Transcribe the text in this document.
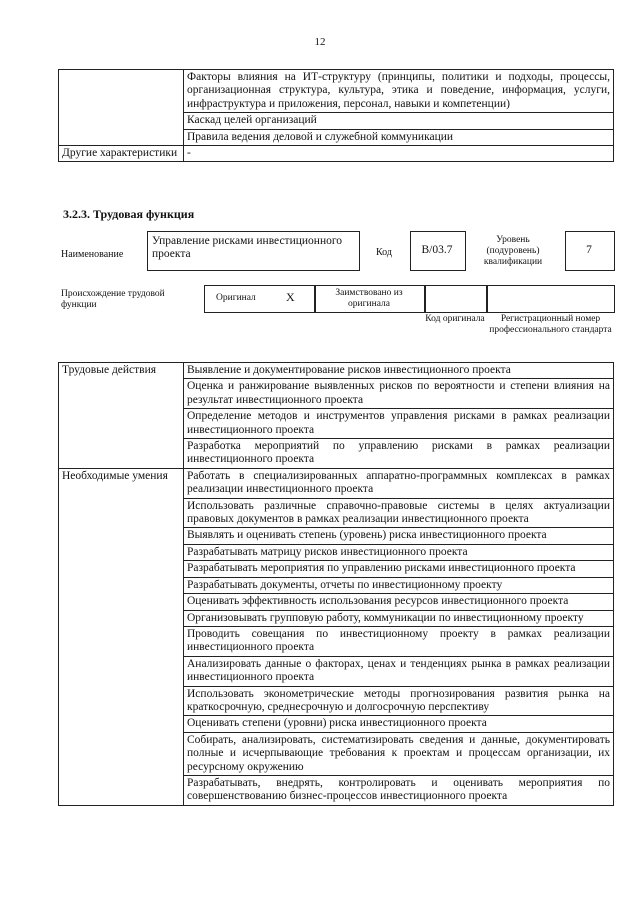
12
	Факторы влияния на ИТ-структуру (принципы, политики и подходы, процессы, организационная структура, культура, этика и поведение, информация, услуги, инфраструктура и приложения, персонал, навыки и компетенции)
	Каскад целей организаций
	Правила ведения деловой и служебной коммуникации
Другие характеристики	-
3.2.3. Трудовая функция
Наименование
Управление рисками инвестиционного проекта	Код	B/03.7
Уровень (подуровень) квалификации
7
Происхождение трудовой функции
Оригинал	X	Заимствовано из оригинала
Код оригинала	Регистрационный номер профессионального стандарта
Трудовые действия	Выявление и документирование рисков инвестиционного проекта
	Оценка и ранжирование выявленных рисков по вероятности и степени влияния на результат инвестиционного проекта
	Определение методов и инструментов управления рисками в рамках реализации инвестиционного проекта
	Разработка мероприятий по управлению рисками в рамках реализации инвестиционного проекта
Необходимые умения	Работать в специализированных аппаратно-программных комплексах в рамках реализации инвестиционного проекта
	Использовать различные справочно-правовые системы в целях актуализации правовых документов в рамках реализации инвестиционного проекта
	Выявлять и оценивать степень (уровень) риска инвестиционного проекта
	Разрабатывать матрицу рисков инвестиционного проекта
	Разрабатывать мероприятия по управлению рисками инвестиционного проекта
	Разрабатывать документы, отчеты по инвестиционному проекту
	Оценивать эффективность использования ресурсов инвестиционного проекта
	Организовывать групповую работу, коммуникации по инвестиционному проекту
	Проводить совещания по инвестиционному проекту в рамках реализации инвестиционного проекта
	Анализировать данные о факторах, ценах и тенденциях рынка в рамках реализации инвестиционного проекта
	Использовать эконометрические методы прогнозирования развития рынка на краткосрочную, среднесрочную и долгосрочную перспективу
	Оценивать степени (уровни) риска инвестиционного проекта
	Собирать, анализировать, систематизировать сведения и данные, документировать полные и исчерпывающие требования к проектам и процессам организации, их ресурсному окружению
	Разрабатывать, внедрять, контролировать и оценивать мероприятия по совершенствованию бизнес-процессов инвестиционного проекта
